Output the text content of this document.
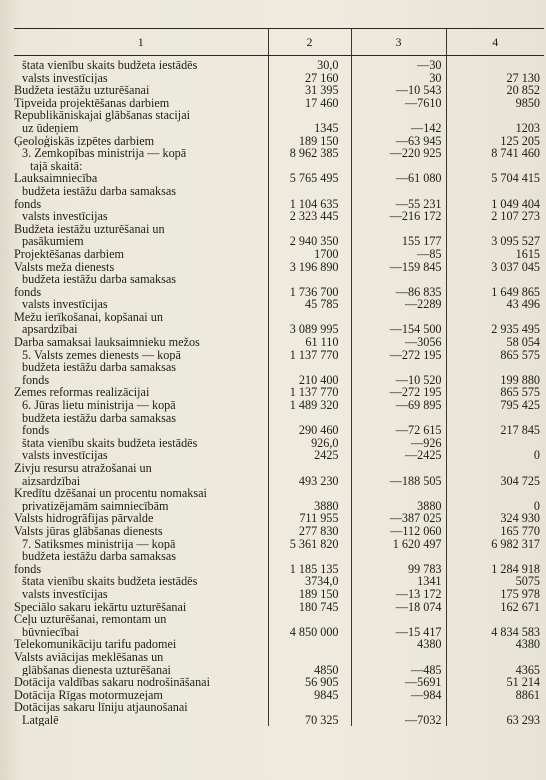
1	2	3	4

štata vienību skaits budžeta iestādēs	30,0	—30	
valsts investīcijas	27 160	30	27 130
Budžeta iestāžu uzturēšanai	31 395	—10 543	20 852
Tipveida projektēšanas darbiem	17 460	—7610	9850
Republikāniskajai glābšanas stacijai			
uz ūdeņiem	1345	—142	1203
Ģeoloģiskās izpētes darbiem	189 150	—63 945	125 205
3. Zemkopības ministrija — kopā	8 962 385	—220 925	8 741 460
tajā skaitā:			
Lauksaimniecība	5 765 495	—61 080	5 704 415
budžeta iestāžu darba samaksas			
fonds	1 104 635	—55 231	1 049 404
valsts investīcijas	2 323 445	—216 172	2 107 273
Budžeta iestāžu uzturēšanai un			
pasākumiem	2 940 350	155 177	3 095 527
Projektēšanas darbiem	1700	—85	1615
Valsts meža dienests	3 196 890	—159 845	3 037 045
budžeta iestāžu darba samaksas			
fonds	1 736 700	—86 835	1 649 865
valsts investīcijas	45 785	—2289	43 496
Mežu ierīkošanai, kopšanai un			
apsardzībai	3 089 995	—154 500	2 935 495
Darba samaksai lauksaimnieku mežos	61 110	—3056	58 054
5. Valsts zemes dienests — kopā	1 137 770	—272 195	865 575
budžeta iestāžu darba samaksas			
fonds	210 400	—10 520	199 880
Zemes reformas realizācijai	1 137 770	—272 195	865 575
6. Jūras lietu ministrija — kopā	1 489 320	—69 895	795 425
budžeta iestāžu darba samaksas			
fonds	290 460	—72 615	217 845
štata vienību skaits budžeta iestādēs	926,0	—926	
valsts investīcijas	2425	—2425	0
Zivju resursu atražošanai un			
aizsardzībai	493 230	—188 505	304 725
Kredītu dzēšanai un procentu nomaksai			
privatizējamām saimniecībām	3880	3880	0
Valsts hidrogrāfijas pārvalde	711 955	—387 025	324 930
Valsts jūras glābšanas dienests	277 830	—112 060	165 770
7. Satiksmes ministrija — kopā	5 361 820	1 620 497	6 982 317
budžeta iestāžu darba samaksas			
fonds	1 185 135	99 783	1 284 918
štata vienību skaits budžeta iestādēs	3734,0	1341	5075
valsts investīcijas	189 150	—13 172	175 978
Speciālo sakaru iekārtu uzturēšanai	180 745	—18 074	162 671
Ceļu uzturēšanai, remontam un			
būvniecībai	4 850 000	—15 417	4 834 583
Telekomunikāciju tarifu padomei		4380	4380
Valsts aviācijas meklēšanas un			
glābšanas dienesta uzturēšanai	4850	—485	4365
Dotācija valdības sakaru nodrošināšanai	56 905	—5691	51 214
Dotācija Rīgas motormuzejam	9845	—984	8861
Dotācijas sakaru līniju atjaunošanai			
Latgalē	70 325	—7032	63 293
